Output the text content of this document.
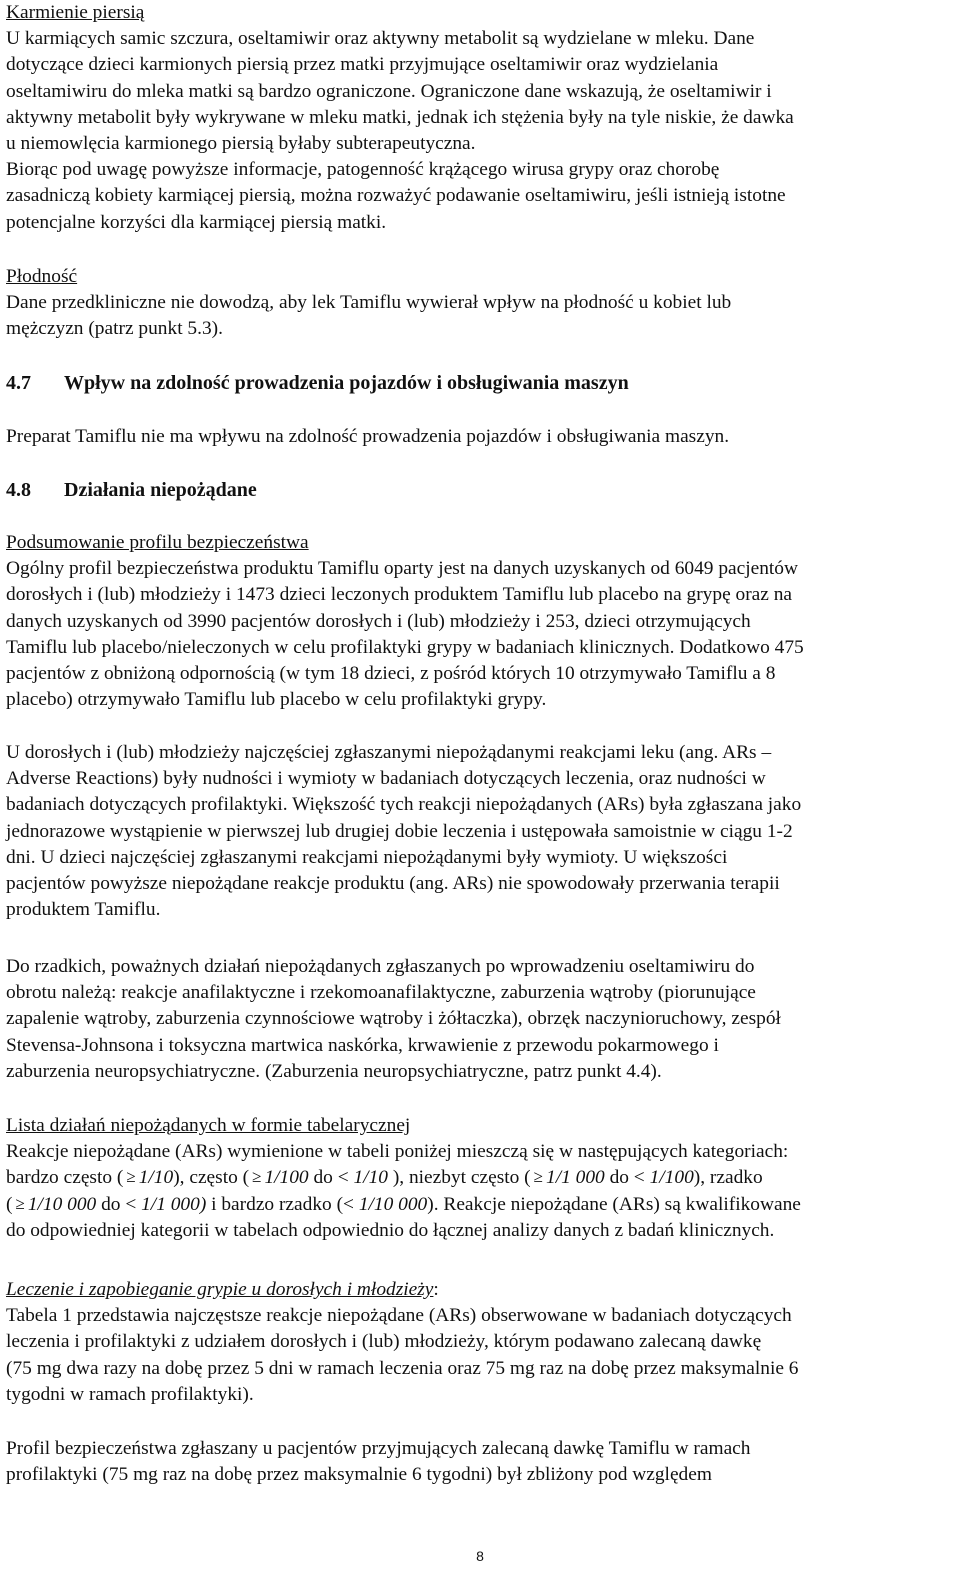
Karmienie piersią
U karmiących samic szczura, oseltamiwir oraz aktywny metabolit są wydzielane w mleku. Dane
dotyczące dzieci karmionych piersią przez matki przyjmujące oseltamiwir oraz wydzielania
oseltamiwiru do mleka matki są bardzo ograniczone. Ograniczone dane wskazują, że oseltamiwir i
aktywny metabolit były wykrywane w mleku matki, jednak ich stężenia były na tyle niskie, że dawka
u niemowlęcia karmionego piersią byłaby subterapeutyczna.
Biorąc pod uwagę powyższe informacje, patogenność krążącego wirusa grypy oraz chorobę
zasadniczą kobiety karmiącej piersią, można rozważyć podawanie oseltamiwiru, jeśli istnieją istotne
potencjalne korzyści dla karmiącej piersią matki.
Płodność
Dane przedkliniczne nie dowodzą, aby lek Tamiflu wywierał wpływ na płodność u kobiet lub
mężczyzn (patrz punkt 5.3).
4.7 Wpływ na zdolność prowadzenia pojazdów i obsługiwania maszyn
Preparat Tamiflu nie ma wpływu na zdolność prowadzenia pojazdów i obsługiwania maszyn.
4.8 Działania niepożądane
Podsumowanie profilu bezpieczeństwa
Ogólny profil bezpieczeństwa produktu Tamiflu oparty jest na danych uzyskanych od 6049 pacjentów
dorosłych i (lub) młodzieży i 1473 dzieci leczonych produktem Tamiflu lub placebo na grypę oraz na
danych uzyskanych od 3990 pacjentów dorosłych i (lub) młodzieży i 253, dzieci otrzymujących
Tamiflu lub placebo/nieleczonych w celu profilaktyki grypy w badaniach klinicznych. Dodatkowo 475
pacjentów z obniżoną odpornością (w tym 18 dzieci, z pośród których 10 otrzymywało Tamiflu a 8
placebo) otrzymywało Tamiflu lub placebo w celu profilaktyki grypy.
U dorosłych i (lub) młodzieży najczęściej zgłaszanymi niepożądanymi reakcjami leku (ang. ARs –
Adverse Reactions) były nudności i wymioty w badaniach dotyczących leczenia, oraz nudności w
badaniach dotyczących profilaktyki. Większość tych reakcji niepożądanych (ARs) była zgłaszana jako
jednorazowe wystąpienie w pierwszej lub drugiej dobie leczenia i ustępowała samoistnie w ciągu 1-2
dni. U dzieci najczęściej zgłaszanymi reakcjami niepożądanymi były wymioty. U większości
pacjentów powyższe niepożądane reakcje produktu (ang. ARs) nie spowodowały przerwania terapii
produktem Tamiflu.
Do rzadkich, poważnych działań niepożądanych zgłaszanych po wprowadzeniu oseltamiwiru do
obrotu należą: reakcje anafilaktyczne i rzekomoanafilaktyczne, zaburzenia wątroby (piorunujące
zapalenie wątroby, zaburzenia czynnościowe wątroby i żółtaczka), obrzęk naczynioruchowy, zespół
Stevensa-Johnsona i toksyczna martwica naskórka, krwawienie z przewodu pokarmowego i
zaburzenia neuropsychiatryczne. (Zaburzenia neuropsychiatryczne, patrz punkt 4.4).
Lista działań niepożądanych w formie tabelarycznej
Reakcje niepożądane (ARs) wymienione w tabeli poniżej mieszczą się w następujących kategoriach:
bardzo często ( ≥ 1/10), często ( ≥ 1/100 do < 1/10 ), niezbyt często ( ≥ 1/1 000 do < 1/100), rzadko
( ≥ 1/10 000 do < 1/1 000) i bardzo rzadko (< 1/10 000). Reakcje niepożądane (ARs) są kwalifikowane
do odpowiedniej kategorii w tabelach odpowiednio do łącznej analizy danych z badań klinicznych.
Leczenie i zapobieganie grypie u dorosłych i młodzieży:
Tabela 1 przedstawia najczęstsze reakcje niepożądane (ARs) obserwowane w badaniach dotyczących
leczenia i profilaktyki z udziałem dorosłych i (lub) młodzieży, którym podawano zalecaną dawkę
(75 mg dwa razy na dobę przez 5 dni w ramach leczenia oraz 75 mg raz na dobę przez maksymalnie 6
tygodni w ramach profilaktyki).
Profil bezpieczeństwa zgłaszany u pacjentów przyjmujących zalecaną dawkę Tamiflu w ramach
profilaktyki (75 mg raz na dobę przez maksymalnie 6 tygodni) był zbliżony pod względem
8
